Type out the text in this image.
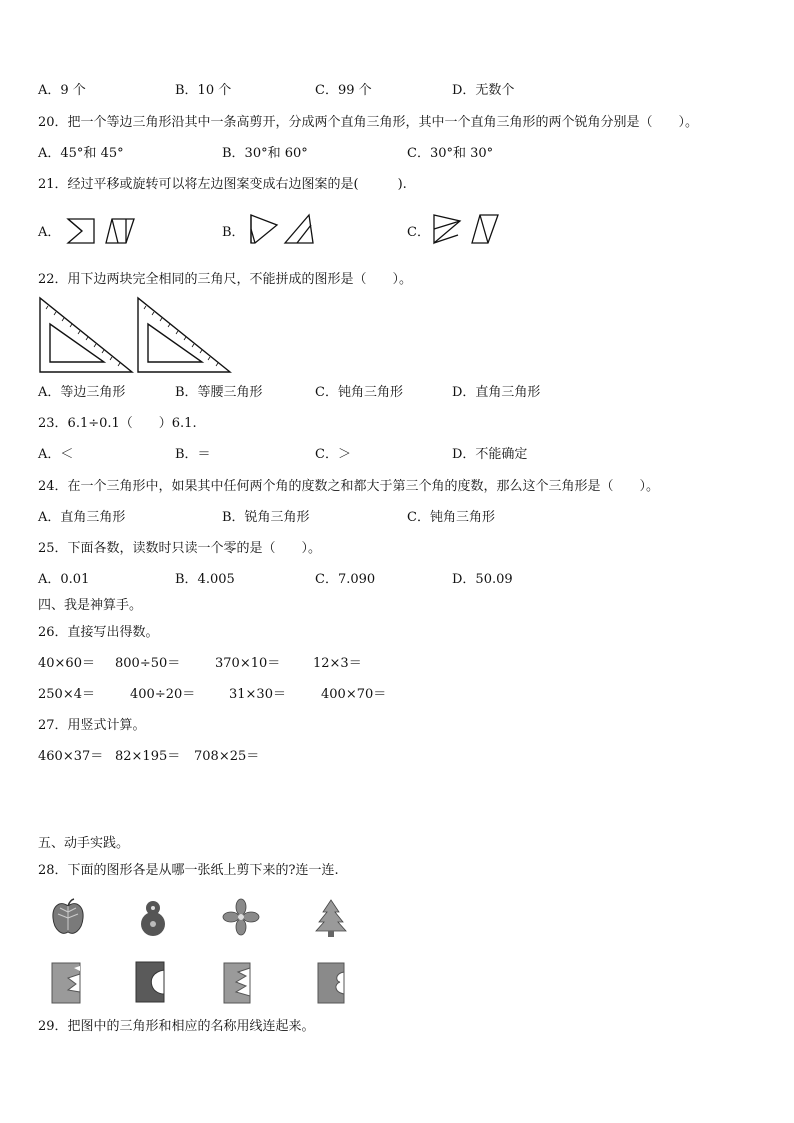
A．9 个	B．10 个	C．99 个	D．无数个
20．把一个等边三角形沿其中一条高剪开，分成两个直角三角形，其中一个直角三角形的两个锐角分别是（　　）。
A．45°和 45°	B．30°和 60°	C．30°和 30°
21．经过平移或旋转可以将左边图案变成右边图案的是(　　　).
A．	B．	C．
22．用下边两块完全相同的三角尺，不能拼成的图形是（　　）。
A．等边三角形	B．等腰三角形	C．钝角三角形	D．直角三角形
23．6.1÷0.1（　　）6.1.
A．＜	B．＝	C．＞	D．不能确定
24．在一个三角形中，如果其中任何两个角的度数之和都大于第三个角的度数，那么这个三角形是（　　）。
A．直角三角形	B．锐角三角形	C．钝角三角形
25．下面各数，读数时只读一个零的是（　　）。
A．0.01	B．4.005	C．7.090	D．50.09
四、我是神算手。
26．直接写出得数。
40×60＝ 800÷50＝	370×10＝	12×3＝
250×4＝	400÷20＝	31×30＝	400×70＝
27．用竖式计算。
460×37＝ 82×195＝ 708×25＝
五、动手实践。
28．下面的图形各是从哪一张纸上剪下来的?连一连.
29．把图中的三角形和相应的名称用线连起来。
